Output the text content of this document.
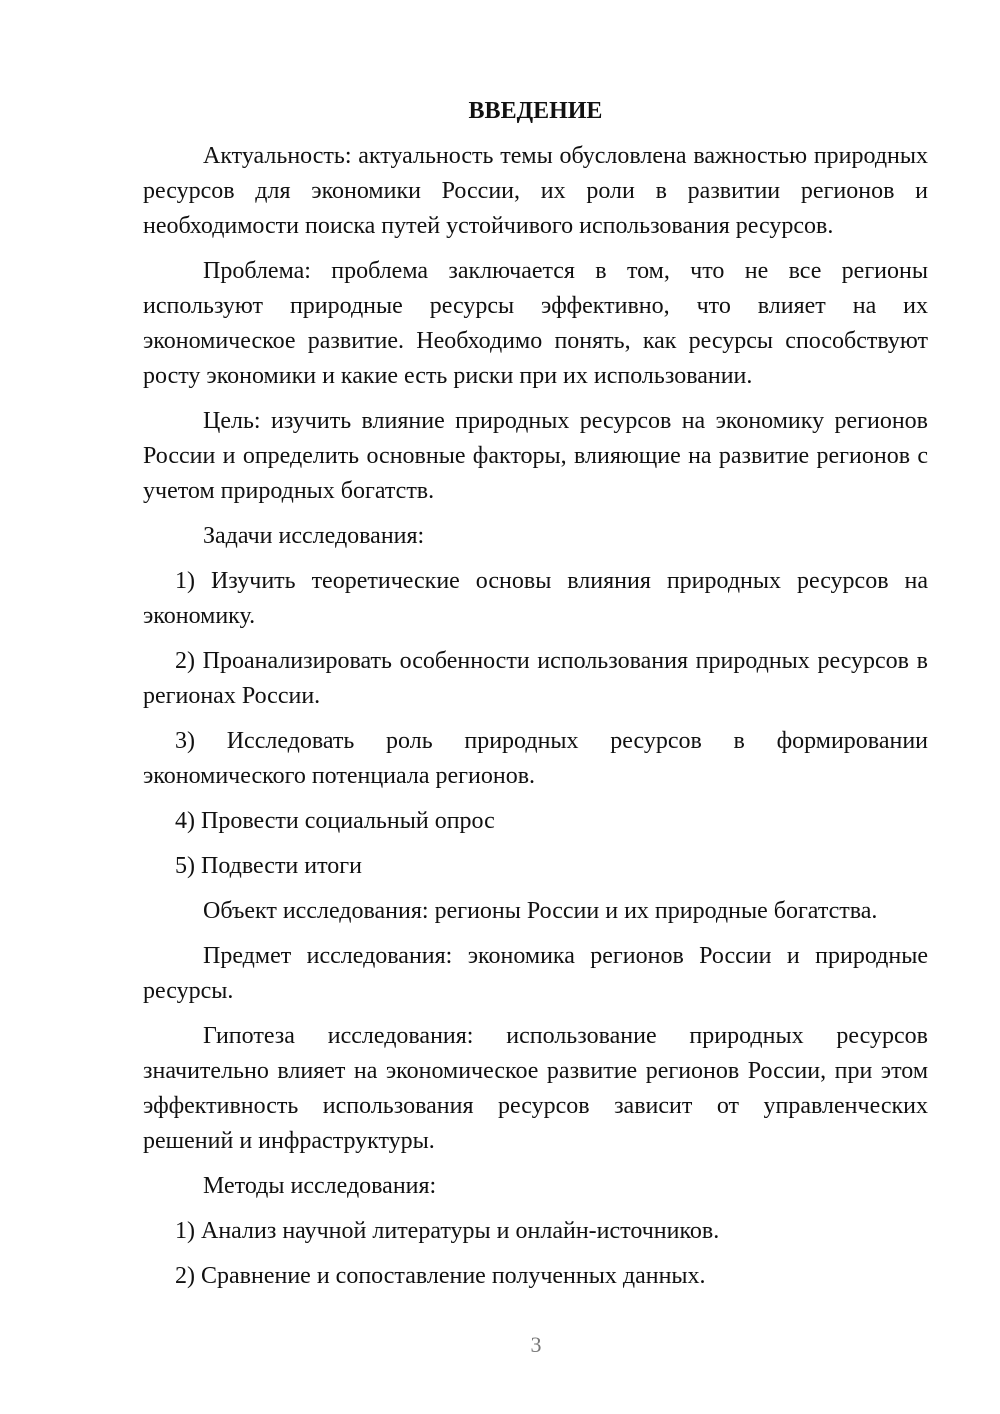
ВВЕДЕНИЕ

Актуальность: актуальность темы обусловлена важностью природных ресурсов для экономики России, их роли в развитии регионов и необходимости поиска путей устойчивого использования ресурсов.

Проблема: проблема заключается в том, что не все регионы используют природные ресурсы эффективно, что влияет на их экономическое развитие. Необходимо понять, как ресурсы способствуют росту экономики и какие есть риски при их использовании.

Цель: изучить влияние природных ресурсов на экономику регионов России и определить основные факторы, влияющие на развитие регионов с учетом природных богатств.

Задачи исследования:

1) Изучить теоретические основы влияния природных ресурсов на экономику.

2) Проанализировать особенности использования природных ресурсов в регионах России.

3) Исследовать роль природных ресурсов в формировании экономического потенциала регионов.

4) Провести социальный опрос

5) Подвести итоги

Объект исследования: регионы России и их природные богатства.

Предмет исследования: экономика регионов России и природные ресурсы.

Гипотеза исследования: использование природных ресурсов значительно влияет на экономическое развитие регионов России, при этом эффективность использования ресурсов зависит от управленческих решений и инфраструктуры.

Методы исследования:

1) Анализ научной литературы и онлайн-источников.

2) Сравнение и сопоставление полученных данных.

3
